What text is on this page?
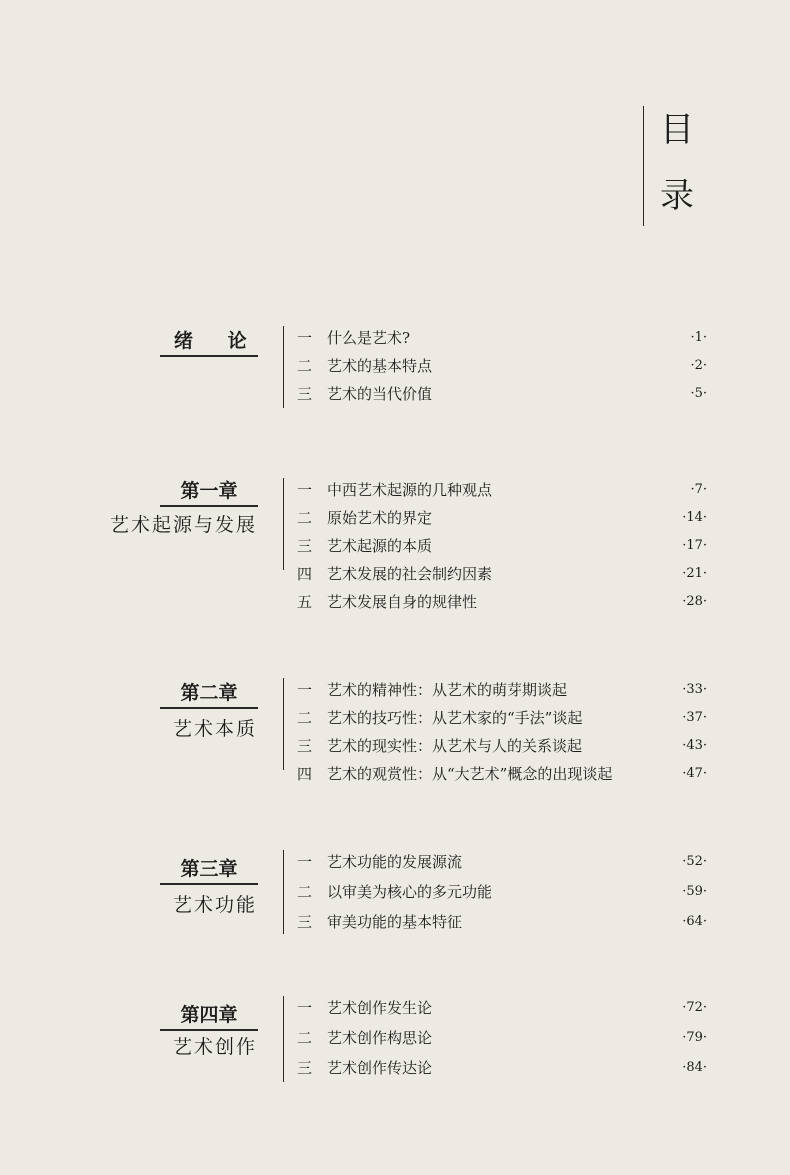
目
录
绪 论 一 什么是艺术?	·1·
二 艺术的基本特点	·2·
三 艺术的当代价值	·5·
第一章
艺术起源与发展
一 中西艺术起源的几种观点	·7·
二 原始艺术的界定	·14·
三 艺术起源的本质	·17·
四 艺术发展的社会制约因素	·21·
五 艺术发展自身的规律性	·28·
第二章
艺术本质
一 艺术的精神性：从艺术的萌芽期谈起	·33·
二 艺术的技巧性：从艺术家的“手法”谈起	·37·
三 艺术的现实性：从艺术与人的关系谈起	·43·
四 艺术的观赏性：从“大艺术”概念的出现谈起	·47·
第三章
艺术功能
一 艺术功能的发展源流	·52·
二 以审美为核心的多元功能	·59·
三 审美功能的基本特征	·64·
第四章
艺术创作
一 艺术创作发生论	·72·
二 艺术创作构思论	·79·
三 艺术创作传达论	·84·
